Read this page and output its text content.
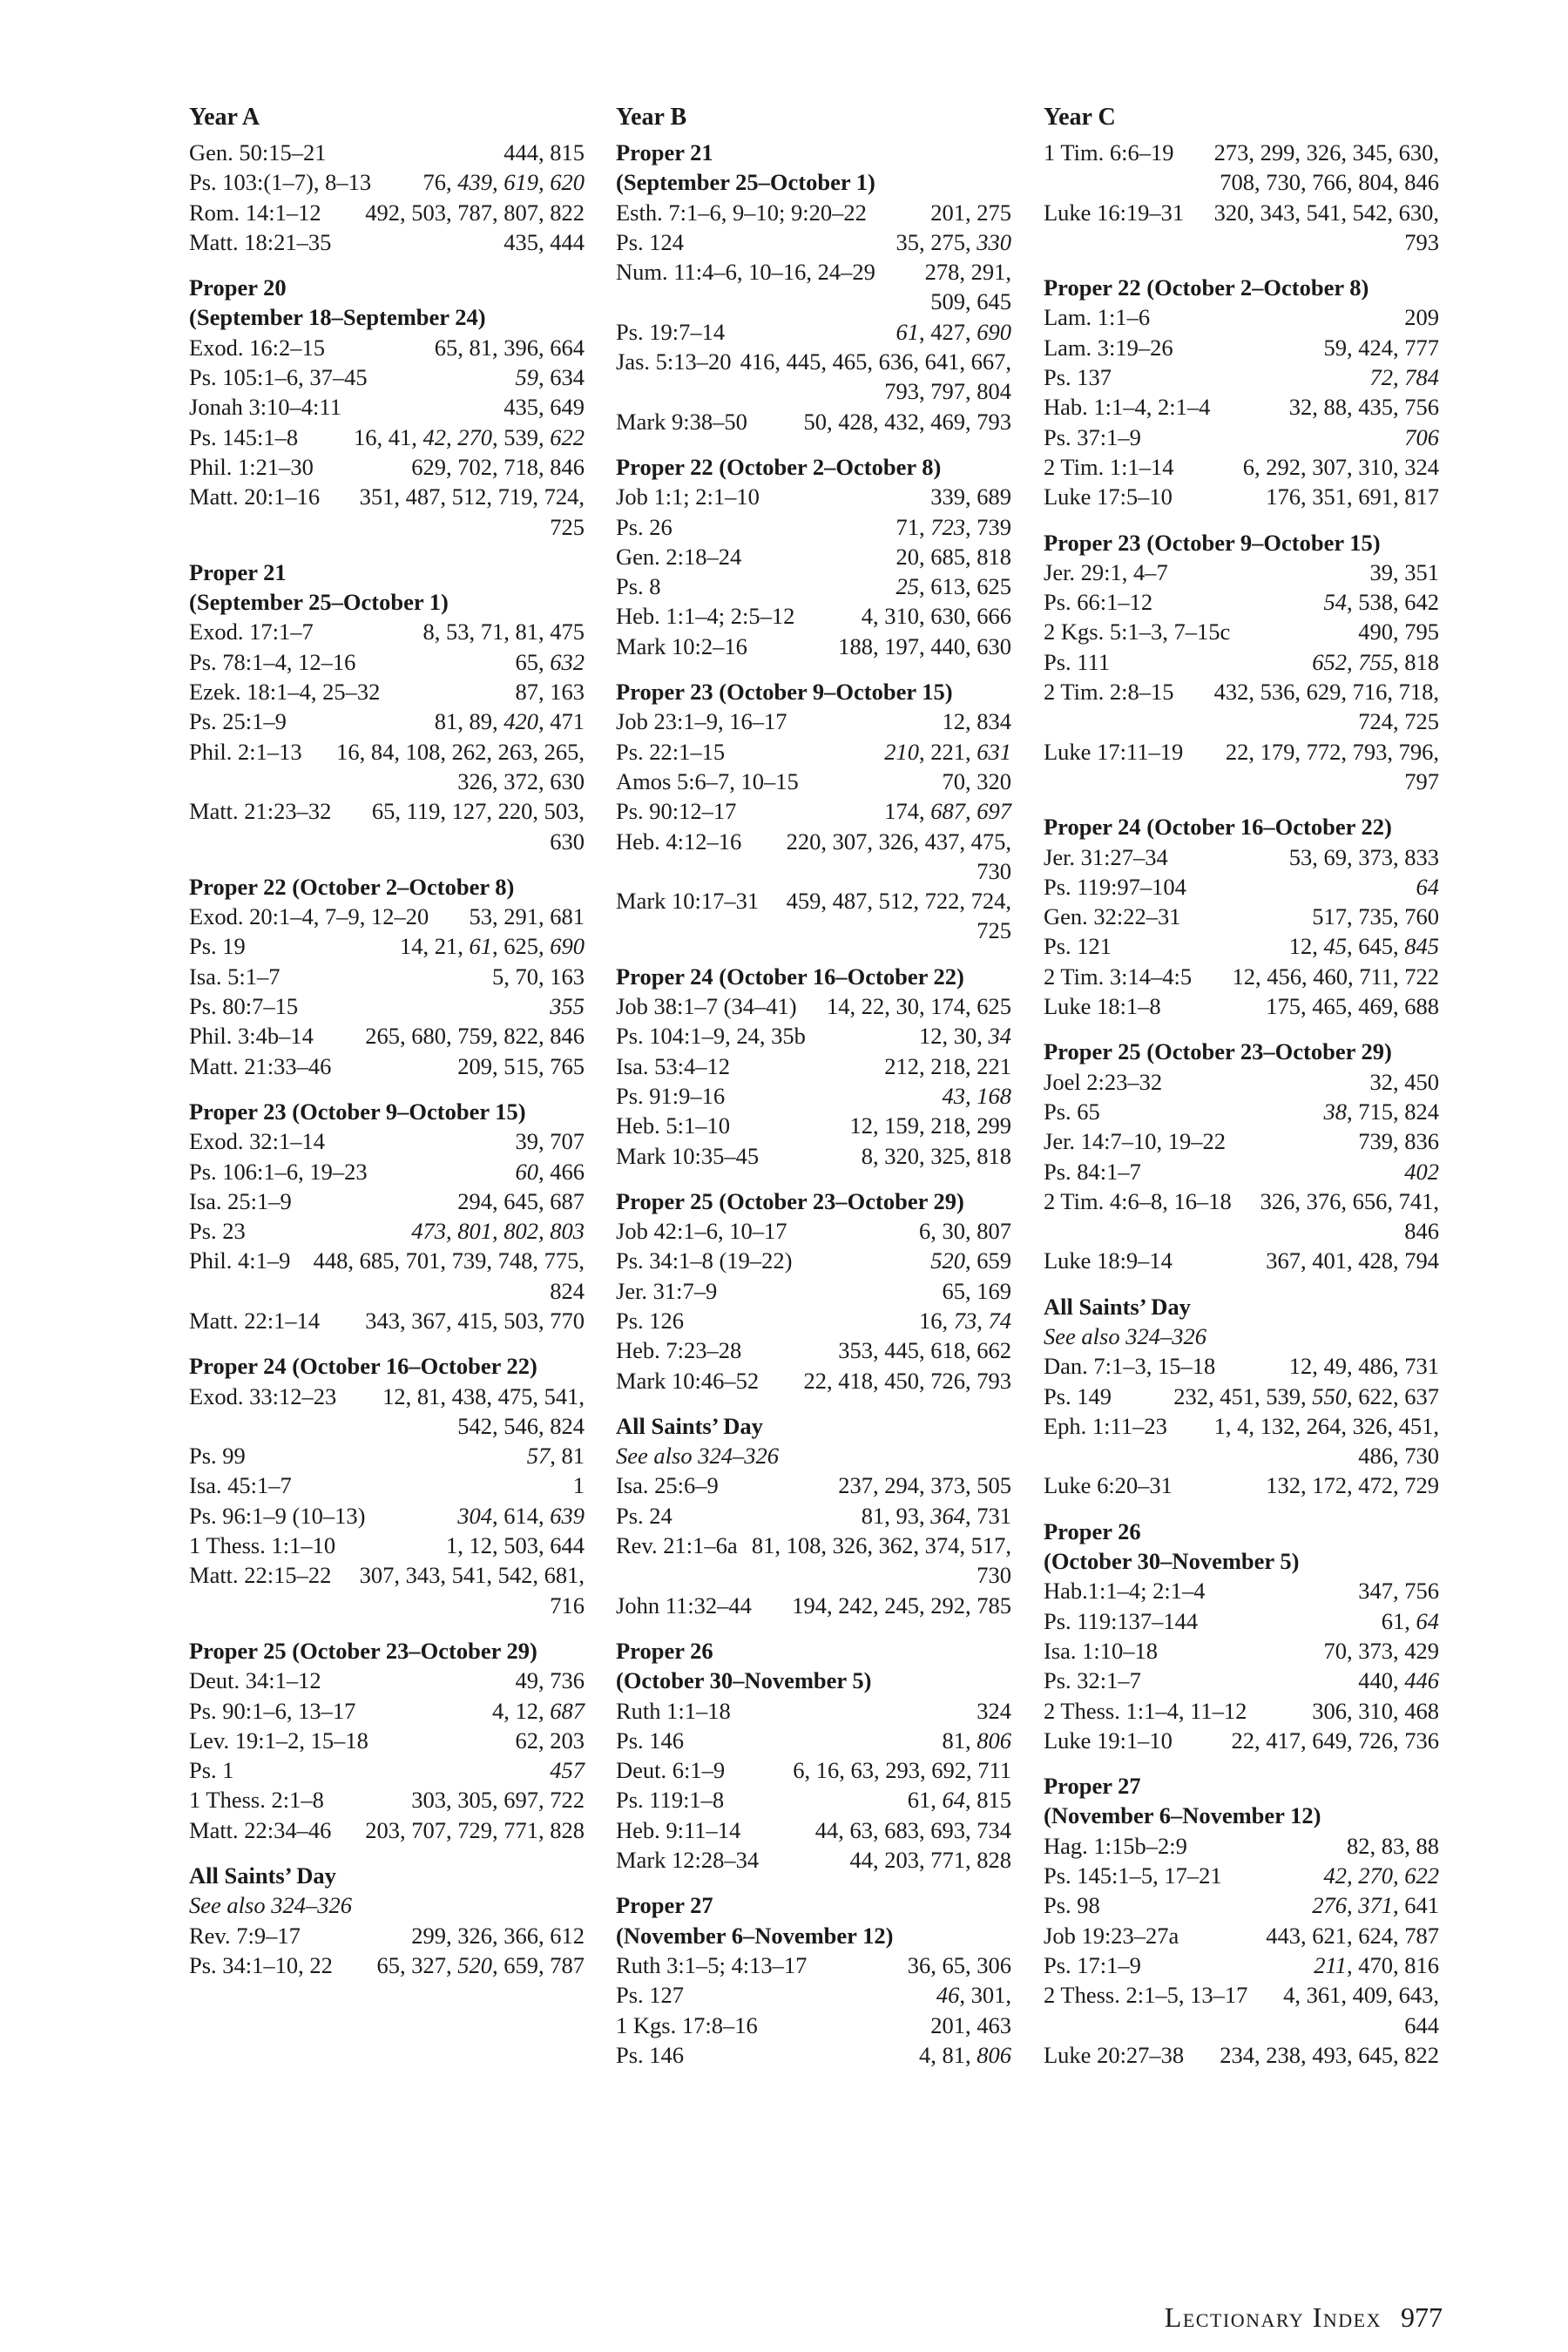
Year A
Gen. 50:15–21	444, 815
Ps. 103:(1–7), 8–13	76, 439, 619, 620
Rom. 14:1–12	492, 503, 787, 807, 822
Matt. 18:21–35	435, 444
Proper 20
(September 18–September 24)
Exod. 16:2–15	65, 81, 396, 664
Ps. 105:1–6, 37–45	59, 634
Jonah 3:10–4:11	435, 649
Ps. 145:1–8	16, 41, 42, 270, 539, 622
Phil. 1:21–30	629, 702, 718, 846
Matt. 20:1–16	351, 487, 512, 719, 724, 725
Proper 21
(September 25–October 1)
Exod. 17:1–7	8, 53, 71, 81, 475
Ps. 78:1–4, 12–16	65, 632
Ezek. 18:1–4, 25–32	87, 163
Ps. 25:1–9	81, 89, 420, 471
Phil. 2:1–13	16, 84, 108, 262, 263, 265, 326, 372, 630
Matt. 21:23–32	65, 119, 127, 220, 503, 630
Proper 22 (October 2–October 8)
Exod. 20:1–4, 7–9, 12–20	53, 291, 681
Ps. 19	14, 21, 61, 625, 690
Isa. 5:1–7	5, 70, 163
Ps. 80:7–15	355
Phil. 3:4b–14	265, 680, 759, 822, 846
Matt. 21:33–46	209, 515, 765
Proper 23 (October 9–October 15)
Exod. 32:1–14	39, 707
Ps. 106:1–6, 19–23	60, 466
Isa. 25:1–9	294, 645, 687
Ps. 23	473, 801, 802, 803
Phil. 4:1–9 448, 685, 701, 739, 748, 775, 824
Matt. 22:1–14	343, 367, 415, 503, 770
Proper 24 (October 16–October 22)
Exod. 33:12–23	12, 81, 438, 475, 541, 542, 546, 824
Ps. 99	57, 81
Isa. 45:1–7	1
Ps. 96:1–9 (10–13)	304, 614, 639
1 Thess. 1:1–10	1, 12, 503, 644
Matt. 22:15–22	307, 343, 541, 542, 681, 716
Proper 25 (October 23–October 29)
Deut. 34:1–12	49, 736
Ps. 90:1–6, 13–17	4, 12, 687
Lev. 19:1–2, 15–18	62, 203
Ps. 1	457
1 Thess. 2:1–8	303, 305, 697, 722
Matt. 22:34–46	203, 707, 729, 771, 828
All Saints’ Day
See also 324–326
Rev. 7:9–17	299, 326, 366, 612
Ps. 34:1–10, 22	65, 327, 520, 659, 787
Year B
Proper 21
(September 25–October 1)
Esth. 7:1–6, 9–10; 9:20–22	201, 275
Ps. 124	35, 275, 330
Num. 11:4–6, 10–16, 24–29	278, 291, 509, 645
Ps. 19:7–14	61, 427, 690
Jas. 5:13–20 416, 445, 465, 636, 641, 667, 793, 797, 804
Mark 9:38–50	50, 428, 432, 469, 793
Proper 22 (October 2–October 8)
Job 1:1; 2:1–10	339, 689
Ps. 26	71, 723, 739
Gen. 2:18–24	20, 685, 818
Ps. 8	25, 613, 625
Heb. 1:1–4; 2:5–12	4, 310, 630, 666
Mark 10:2–16	188, 197, 440, 630
Proper 23 (October 9–October 15)
Job 23:1–9, 16–17	12, 834
Ps. 22:1–15	210, 221, 631
Amos 5:6–7, 10–15	70, 320
Ps. 90:12–17	174, 687, 697
Heb. 4:12–16	220, 307, 326, 437, 475, 730
Mark 10:17–31	459, 487, 512, 722, 724, 725
Proper 24 (October 16–October 22)
Job 38:1–7 (34–41)	14, 22, 30, 174, 625
Ps. 104:1–9, 24, 35b	12, 30, 34
Isa. 53:4–12	212, 218, 221
Ps. 91:9–16	43, 168
Heb. 5:1–10	12, 159, 218, 299
Mark 10:35–45	8, 320, 325, 818
Proper 25 (October 23–October 29)
Job 42:1–6, 10–17	6, 30, 807
Ps. 34:1–8 (19–22)	520, 659
Jer. 31:7–9	65, 169
Ps. 126	16, 73, 74
Heb. 7:23–28	353, 445, 618, 662
Mark 10:46–52	22, 418, 450, 726, 793
All Saints’ Day
See also 324–326
Isa. 25:6–9	237, 294, 373, 505
Ps. 24	81, 93, 364, 731
Rev. 21:1–6a 81, 108, 326, 362, 374, 517, 730
John 11:32–44	194, 242, 245, 292, 785
Proper 26
(October 30–November 5)
Ruth 1:1–18	324
Ps. 146	81, 806
Deut. 6:1–9	6, 16, 63, 293, 692, 711
Ps. 119:1–8	61, 64, 815
Heb. 9:11–14	44, 63, 683, 693, 734
Mark 12:28–34	44, 203, 771, 828
Proper 27
(November 6–November 12)
Ruth 3:1–5; 4:13–17	36, 65, 306
Ps. 127	46, 301,
1 Kgs. 17:8–16	201, 463
Ps. 146	4, 81, 806
Year C
1 Tim. 6:6–19	273, 299, 326, 345, 630, 708, 730, 766, 804, 846
Luke 16:19–31	320, 343, 541, 542, 630, 793
Proper 22 (October 2–October 8)
Lam. 1:1–6	209
Lam. 3:19–26	59, 424, 777
Ps. 137	72, 784
Hab. 1:1–4, 2:1–4	32, 88, 435, 756
Ps. 37:1–9	706
2 Tim. 1:1–14	6, 292, 307, 310, 324
Luke 17:5–10	176, 351, 691, 817
Proper 23 (October 9–October 15)
Jer. 29:1, 4–7	39, 351
Ps. 66:1–12	54, 538, 642
2 Kgs. 5:1–3, 7–15c	490, 795
Ps. 111	652, 755, 818
2 Tim. 2:8–15	432, 536, 629, 716, 718, 724, 725
Luke 17:11–19	22, 179, 772, 793, 796, 797
Proper 24 (October 16–October 22)
Jer. 31:27–34	53, 69, 373, 833
Ps. 119:97–104	64
Gen. 32:22–31	517, 735, 760
Ps. 121	12, 45, 645, 845
2 Tim. 3:14–4:5	12, 456, 460, 711, 722
Luke 18:1–8	175, 465, 469, 688
Proper 25 (October 23–October 29)
Joel 2:23–32	32, 450
Ps. 65	38, 715, 824
Jer. 14:7–10, 19–22	739, 836
Ps. 84:1–7	402
2 Tim. 4:6–8, 16–18	326, 376, 656, 741, 846
Luke 18:9–14	367, 401, 428, 794
All Saints’ Day
See also 324–326
Dan. 7:1–3, 15–18	12, 49, 486, 731
Ps. 149	232, 451, 539, 550, 622, 637
Eph. 1:11–23	1, 4, 132, 264, 326, 451, 486, 730
Luke 6:20–31	132, 172, 472, 729
Proper 26
(October 30–November 5)
Hab.1:1–4; 2:1–4	347, 756
Ps. 119:137–144	61, 64
Isa. 1:10–18	70, 373, 429
Ps. 32:1–7	440, 446
2 Thess. 1:1–4, 11–12	306, 310, 468
Luke 19:1–10	22, 417, 649, 726, 736
Proper 27
(November 6–November 12)
Hag. 1:15b–2:9	82, 83, 88
Ps. 145:1–5, 17–21	42, 270, 622
Ps. 98	276, 371, 641
Job 19:23–27a	443, 621, 624, 787
Ps. 17:1–9	211, 470, 816
2 Thess. 2:1–5, 13–17	4, 361, 409, 643, 644
Luke 20:27–38	234, 238, 493, 645, 822
Lectionary Index 977
